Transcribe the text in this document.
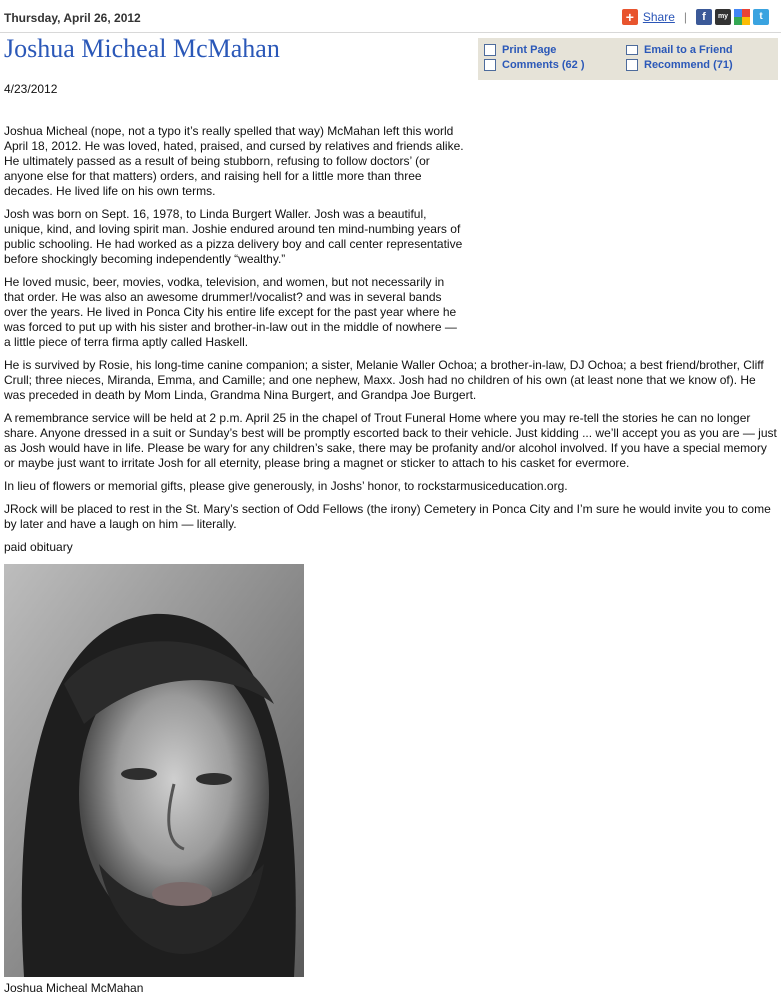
Thursday, April 26, 2012	+ Share |	f	my	t
Joshua Micheal McMahan	Print Page
Comments (62 )
Email to a Friend
Recommend (71)
4/23/2012

Joshua Micheal (nope, not a typo it’s really spelled that way) McMahan left this world April 18, 2012. He was loved, hated, praised, and cursed by relatives and friends alike. He ultimately passed as a result of being stubborn, refusing to follow doctors’ (or anyone else for that matters) orders, and raising hell for a little more than three decades. He lived life on his own terms.

Josh was born on Sept. 16, 1978, to Linda Burgert Waller. Josh was a beautiful, unique, kind, and loving spirit man. Joshie endured around ten mind-numbing years of public schooling. He had worked as a pizza delivery boy and call center representative before shockingly becoming independently “wealthy.”

He loved music, beer, movies, vodka, television, and women, but not necessarily in that order. He was also an awesome drummer!/vocalist? and was in several bands over the years. He lived in Ponca City his entire life except for the past year where he was forced to put up with his sister and brother-in-law out in the middle of nowhere — a little piece of terra firma aptly called Haskell.

He is survived by Rosie, his long-time canine companion; a sister, Melanie Waller Ochoa; a brother-in-law, DJ Ochoa; a best friend/brother, Cliff Crull; three nieces, Miranda, Emma, and Camille; and one nephew, Maxx. Josh had no children of his own (at least none that we know of). He was preceded in death by Mom Linda, Grandma Nina Burgert, and Grandpa Joe Burgert.

A remembrance service will be held at 2 p.m. April 25 in the chapel of Trout Funeral Home where you may re-tell the stories he can no longer share. Anyone dressed in a suit or Sunday’s best will be promptly escorted back to their vehicle. Just kidding ... we’ll accept you as you are — just as Josh would have in life. Please be wary for any children’s sake, there may be profanity and/or alcohol involved. If you have a special memory or maybe just want to irritate Josh for all eternity, please bring a magnet or sticker to attach to his casket for evermore.

In lieu of flowers or memorial gifts, please give generously, in Joshs’ honor, to rockstarmusiceducation.org.

JRock will be placed to rest in the St. Mary’s section of Odd Fellows (the irony) Cemetery in Ponca City and I’m sure he would invite you to come by later and have a laugh on him — literally.

paid obituary

Joshua Micheal McMahan
